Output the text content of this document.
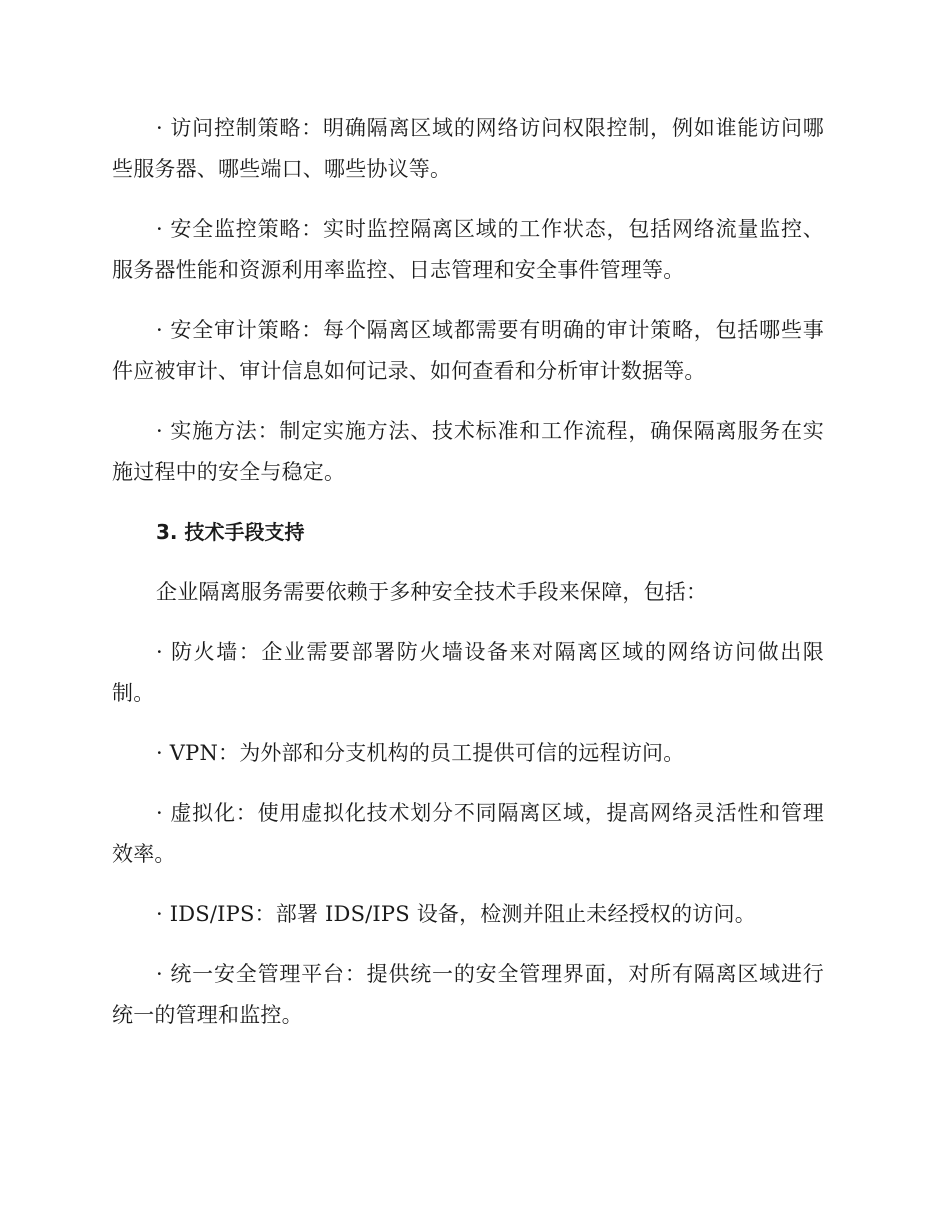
· 访问控制策略：明确隔离区域的网络访问权限控制，例如谁能访问哪些服务器、哪些端口、哪些协议等。

· 安全监控策略：实时监控隔离区域的工作状态，包括网络流量监控、服务器性能和资源利用率监控、日志管理和安全事件管理等。

· 安全审计策略：每个隔离区域都需要有明确的审计策略，包括哪些事件应被审计、审计信息如何记录、如何查看和分析审计数据等。

· 实施方法：制定实施方法、技术标准和工作流程，确保隔离服务在实施过程中的安全与稳定。

3. 技术手段支持

企业隔离服务需要依赖于多种安全技术手段来保障，包括：

· 防火墙：企业需要部署防火墙设备来对隔离区域的网络访问做出限制。

· VPN：为外部和分支机构的员工提供可信的远程访问。

· 虚拟化：使用虚拟化技术划分不同隔离区域，提高网络灵活性和管理效率。

· IDS/IPS：部署 IDS/IPS 设备，检测并阻止未经授权的访问。

· 统一安全管理平台：提供统一的安全管理界面，对所有隔离区域进行统一的管理和监控。
